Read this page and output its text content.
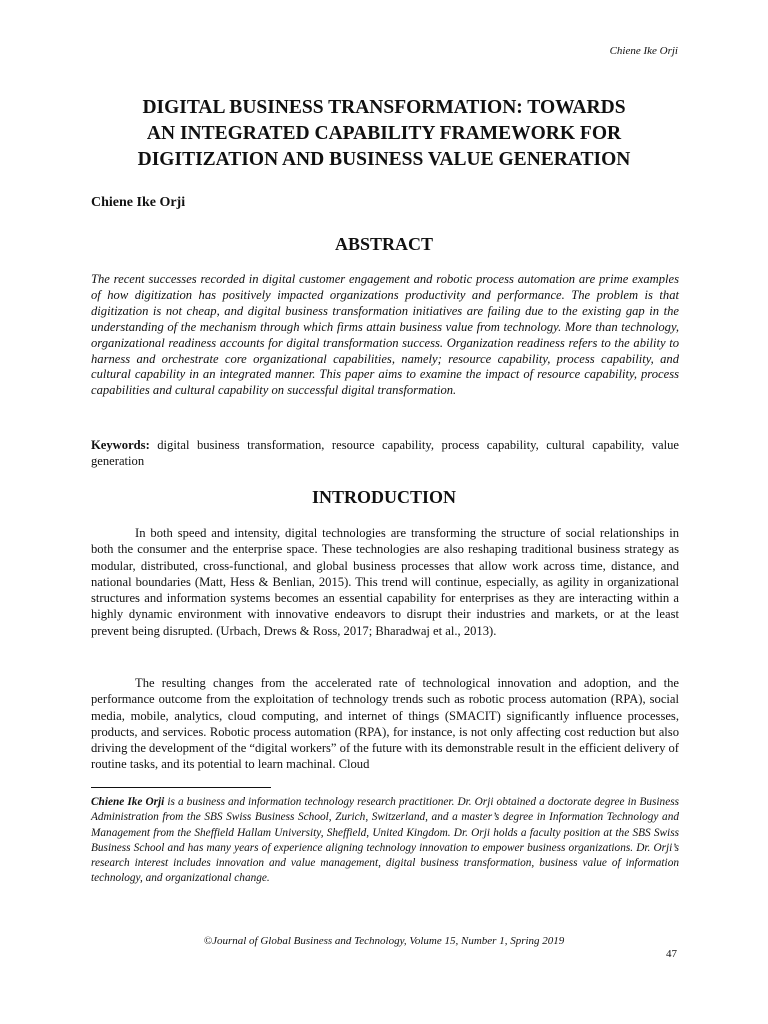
Chiene Ike Orji
DIGITAL BUSINESS TRANSFORMATION: TOWARDS
AN INTEGRATED CAPABILITY FRAMEWORK FOR
DIGITIZATION AND BUSINESS VALUE GENERATION
Chiene Ike Orji
ABSTRACT

The recent successes recorded in digital customer engagement and robotic process automation are prime examples of how digitization has positively impacted organizations productivity and performance. The problem is that digitization is not cheap, and digital business transformation initiatives are failing due to the existing gap in the understanding of the mechanism through which firms attain business value from technology. More than technology, organizational readiness accounts for digital transformation success. Organization readiness refers to the ability to harness and orchestrate core organizational capabilities, namely; resource capability, process capability, and cultural capability in an integrated manner. This paper aims to examine the impact of resource capability, process capabilities and cultural capability on successful digital transformation.

Keywords: digital business transformation, resource capability, process capability, cultural capability, value generation

INTRODUCTION

In both speed and intensity, digital technologies are transforming the structure of social relationships in both the consumer and the enterprise space. These technologies are also reshaping traditional business strategy as modular, distributed, cross-functional, and global business processes that allow work across time, distance, and national boundaries (Matt, Hess & Benlian, 2015). This trend will continue, especially, as agility in organizational structures and information systems becomes an essential capability for enterprises as they are interacting within a highly dynamic environment with innovative endeavors to disrupt their industries and markets, or at the least prevent being disrupted. (Urbach, Drews & Ross, 2017; Bharadwaj et al., 2013).

The resulting changes from the accelerated rate of technological innovation and adoption, and the performance outcome from the exploitation of technology trends such as robotic process automation (RPA), social media, mobile, analytics, cloud computing, and internet of things (SMACIT) significantly influence processes, products, and services. Robotic process automation (RPA), for instance, is not only affecting cost reduction but also driving the development of the “digital workers” of the future with its demonstrable result in the efficient delivery of routine tasks, and its potential to learn machinal. Cloud

Chiene Ike Orji is a business and information technology research practitioner. Dr. Orji obtained a doctorate degree in Business Administration from the SBS Swiss Business School, Zurich, Switzerland, and a master’s degree in Information Technology and Management from the Sheffield Hallam University, Sheffield, United Kingdom. Dr. Orji holds a faculty position at the SBS Swiss Business School and has many years of experience aligning technology innovation to empower business organizations. Dr. Orji’s research interest includes innovation and value management, digital business transformation, business value of information technology, and organizational change.

©Journal of Global Business and Technology, Volume 15, Number 1, Spring 2019
47
